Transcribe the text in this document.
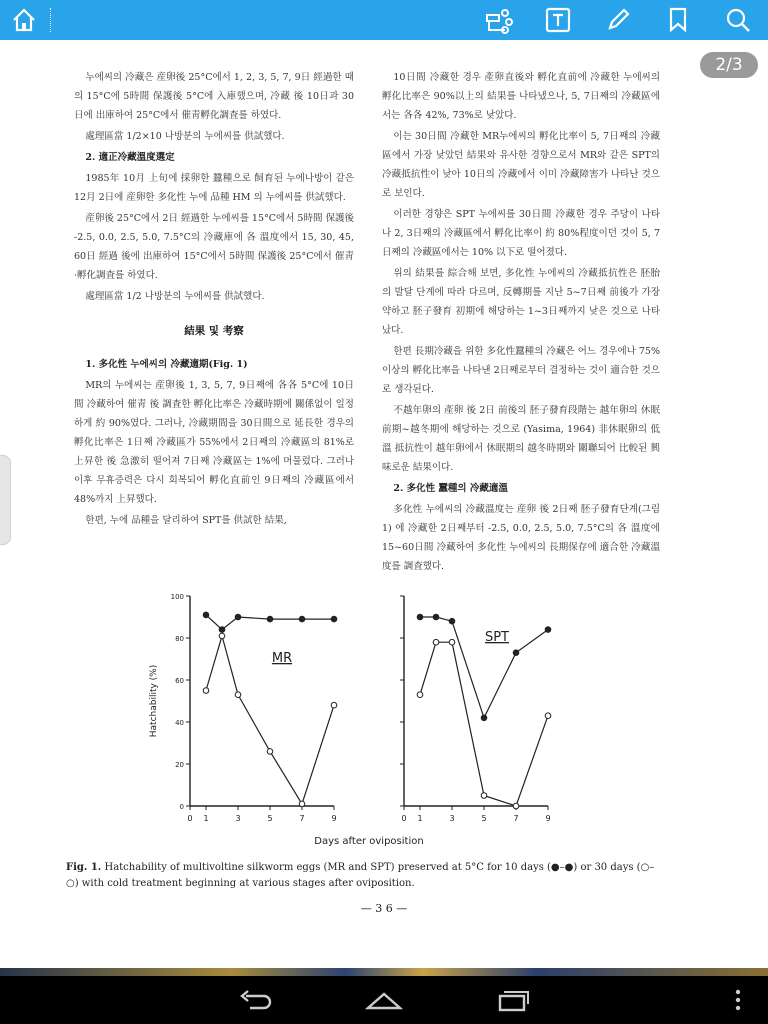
누에씨의 冷藏은 産卵後 25°C에서 1, 2, 3, 5, 7, 9日 經過한 때의 15°C에 5時間 保護後 5°C에 入庫했으며, 冷藏 後 10日과 30日에 出庫하여 25°C에서 催靑孵化調査를 하였다.

處理區當 1/2×10 나방분의 누에씨를 供試했다.

2. 適正冷藏溫度選定

1985年 10月 上旬에 採卵한 蠶種으로 飼育된 누에나방이 같은 12月 2日에 産卵한 多化性 누에 品種 HM 의 누에씨를 供試했다.

産卵後 25°C에서 2日 經過한 누에씨를 15°C에서 5時間 保護後 -2.5, 0.0, 2.5, 5.0, 7.5°C의 冷藏庫에 各 溫度에서 15, 30, 45, 60日 經過 後에 出庫하여 15°C에서 5時間 保護後 25°C에서 催靑·孵化調査를 하였다.

處理區當 1/2 나방분의 누에씨를 供試했다.

結果 및 考察
1. 多化性 누에씨의 冷藏適期(Fig. 1)

MR의 누에씨는 産卵後 1, 3, 5, 7, 9日째에 各各 5°C에 10日間 冷藏하여 催靑 後 調査한 孵化比率은 冷藏時期에 關係없이 일정하게 約 90%였다. 그러나, 冷藏期間을 30日間으로 延長한 경우의 孵化比率은 1日째 冷藏區가 55%에서 2日째의 冷藏區의 81%로 上昇한 後 急激히 떨어져 7日째 冷藏區는 1%에 머물렀다. 그러나 이후 무휴증력은 다시 회복되어 孵化直前인 9日째의 冷藏區에서 48%까지 上昇했다.

한편, 누에 品種을 달리하여 SPT를 供試한 結果,

10日間 冷藏한 경우 產卵直後와 孵化直前에 冷藏한 누에씨의 孵化比率은 90%以上의 結果를 나타냈으나, 5, 7日째의 冷藏區에서는 各各 42%, 73%로 낮았다.

이는 30日間 冷藏한 MR누에씨의 孵化比率이 5, 7日째의 冷藏區에서 가장 낮았던 結果와 유사한 경향으로서 MR와 같은 SPT의 冷藏抵抗性이 낮아 10日의 冷藏에서 이미 冷藏障害가 나타난 것으로 보인다.

이러한 경향은 SPT 누에씨를 30日間 冷藏한 경우 주당이 나타나 2, 3日째의 冷藏區에서 孵化比率이 約 80%程度이던 것이 5, 7日째의 冷藏區에서는 10% 以下로 떨어졌다.

위의 結果를 綜合해 보면, 多化性 누에씨의 冷藏抵抗性은 胚胎의 발달 단계에 따라 다르며, 反轉期를 지난 5~7日째 前後가 가장 약하고 胚子發育 初期에 해당하는 1~3日째까지 낮은 것으로 나타났다.

한편 長期冷藏을 위한 多化性蠶種의 冷藏은 어느 경우에나 75% 이상의 孵化比率을 나타낸 2日째로부터 결정하는 것이 適合한 것으로 생각된다.

不越年卵의 產卵 後 2日 前後의 胚子發育段階는 越年卵의 休眠前期~越冬期에 해당하는 것으로 (Yasima, 1964) 非休眠卵의 低溫 抵抗性이 越年卵에서 休眠期의 越冬時期와 關聯되어 比較된 興味로운 結果이다.

2. 多化性 蠶種의 冷藏適溫

多化性 누에씨의 冷藏溫度는 産卵 後 2日째 胚子發育단계(그림 1) 에 冷藏한 2日째부터 -2.5, 0.0, 2.5, 5.0, 7.5°C의 各 溫度에 15~60日間 冷藏하여 多化性 누에씨의 長期保存에 適合한 冷藏溫度를 調査했다.

0 1	3	5	7	9
0
20
40
60
80
100
MR
Hatchability (%)
0 1	3	5	7	9
SPT
Days after oviposition
Fig. 1. Hatchability of multivoltine silkworm eggs (MR and SPT) preserved at 5°C for 10 days (●–●) or 30 days (○–○) with cold treatment beginning at various stages after oviposition.
— 3 6 —
2/3
